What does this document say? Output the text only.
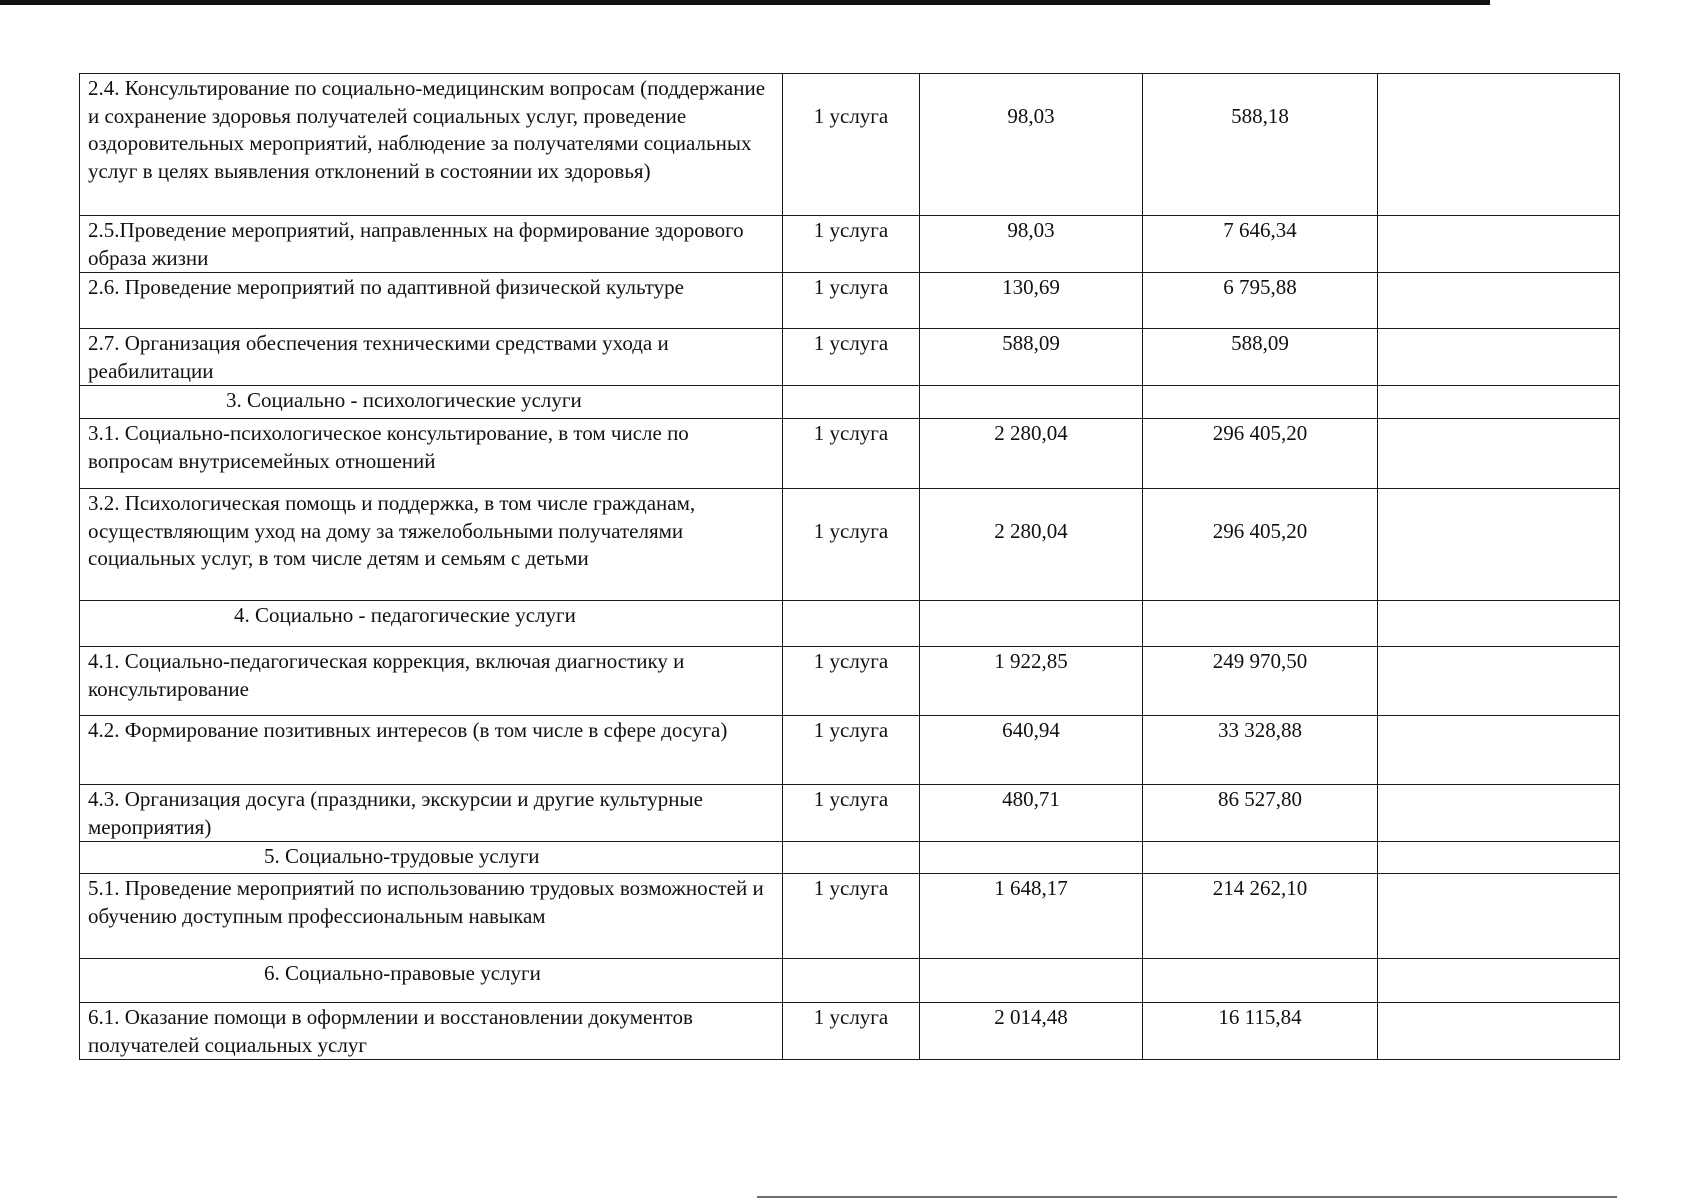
2.4. Консультирование по социально-медицинским вопросам (поддержание и сохранение здоровья получателей социальных услуг, проведение оздоровительных мероприятий, наблюдение за получателями социальных услуг в целях выявления отклонений в состоянии их здоровья)	1 услуга	98,03	588,18	
2.5.Проведение мероприятий, направленных на формирование здорового образа жизни	1 услуга	98,03	7 646,34	
2.6. Проведение мероприятий по адаптивной физической культуре	1 услуга	130,69	6 795,88	
2.7. Организация обеспечения техническими средствами ухода и реабилитации	1 услуга	588,09	588,09	
3. Социально - психологические услуги				
3.1. Социально-психологическое консультирование, в том числе по вопросам внутрисемейных отношений	1 услуга	2 280,04	296 405,20	
3.2. Психологическая помощь и поддержка, в том числе гражданам, осуществляющим уход на дому за тяжелобольными получателями социальных услуг, в том числе детям и семьям с детьми	1 услуга	2 280,04	296 405,20	
4. Социально - педагогические услуги				
4.1. Социально-педагогическая коррекция, включая диагностику и консультирование	1 услуга	1 922,85	249 970,50	
4.2. Формирование позитивных интересов (в том числе в сфере досуга)	1 услуга	640,94	33 328,88	
4.3. Организация досуга (праздники, экскурсии и другие культурные мероприятия)	1 услуга	480,71	86 527,80	
5. Социально-трудовые услуги				
5.1. Проведение мероприятий по использованию трудовых возможностей и обучению доступным профессиональным навыкам	1 услуга	1 648,17	214 262,10	
6. Социально-правовые услуги				
6.1. Оказание помощи в оформлении и восстановлении документов получателей социальных услуг	1 услуга	2 014,48	16 115,84	
